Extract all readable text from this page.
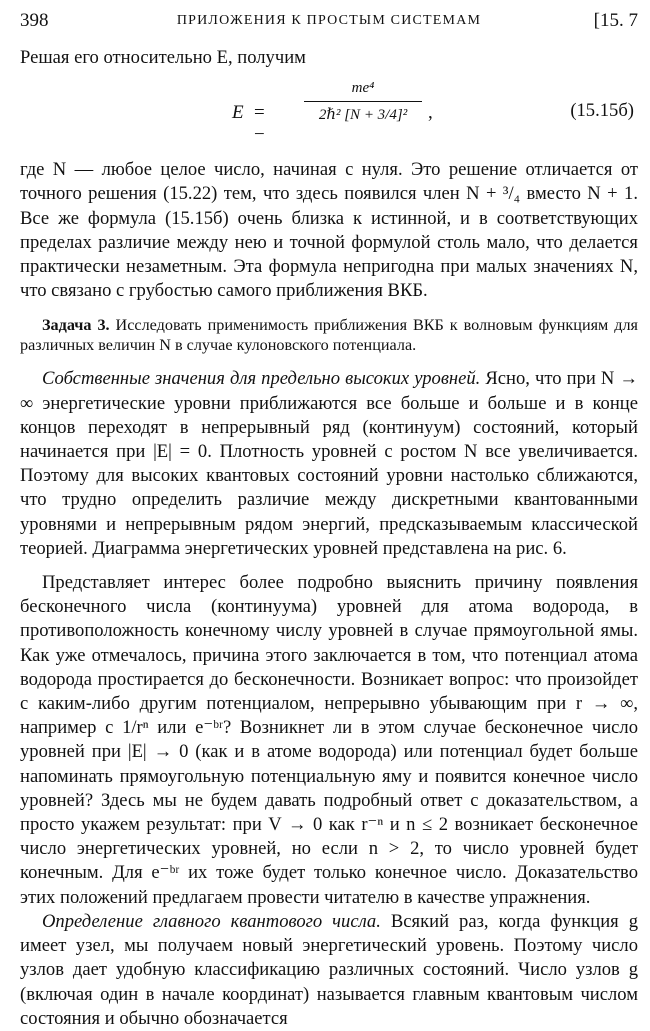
398	ПРИЛОЖЕНИЯ К ПРОСТЫМ СИСТЕМАМ	[15. 7

Решая его относительно E, получим

E = −
me⁴
2ℏ² [N + 3/4]²	,	(15.15б)

где N — любое целое число, начиная с нуля. Это решение отличается от точного решения (15.22) тем, что здесь появился член N + ³/₄ вместо N + 1. Все же формула (15.15б) очень близка к истинной, и в соответствующих пределах различие между нею и точной формулой столь мало, что делается практически незаметным. Эта формула непригодна при малых значениях N, что связано с грубостью самого приближения ВКБ.

Задача 3. Исследовать применимость приближения ВКБ к волновым функциям для различных величин N в случае кулоновского потенциала.

Собственные значения для предельно высоких уровней. Ясно, что при N → ∞ энергетические уровни приближаются все больше и больше и в конце концов переходят в непрерывный ряд (континуум) состояний, который начинается при |E| = 0. Плотность уровней с ростом N все увеличивается. Поэтому для высоких квантовых состояний уровни настолько сближаются, что трудно определить различие между дискретными квантованными уровнями и непрерывным рядом энергий, предсказываемым классической теорией. Диаграмма энергетических уровней представлена на рис. 6.

Представляет интерес более подробно выяснить причину появления бесконечного числа (континуума) уровней для атома водорода, в противоположность конечному числу уровней в случае прямоугольной ямы. Как уже отмечалось, причина этого заключается в том, что потенциал атома водорода простирается до бесконечности. Возникает вопрос: что произойдет с каким-либо другим потенциалом, непрерывно убывающим при r → ∞, например с 1/rⁿ или e⁻ᵇʳ? Возникнет ли в этом случае бесконечное число уровней при |E| → 0 (как и в атоме водорода) или потенциал будет больше напоминать прямоугольную потенциальную яму и появится конечное число уровней? Здесь мы не будем давать подробный ответ с доказательством, а просто укажем результат: при V → 0 как r⁻ⁿ и n ≤ 2 возникает бесконечное число энергетических уровней, но если n > 2, то число уровней будет конечным. Для e⁻ᵇʳ их тоже будет только конечное число. Доказательство этих положений предлагаем провести читателю в качестве упражнения.

Определение главного квантового числа. Всякий раз, когда функция g имеет узел, мы получаем новый энергетический уровень. Поэтому число узлов дает удобную классификацию различных состояний. Число узлов g (включая один в начале координат) называется главным квантовым числом состояния и обычно обозначается
